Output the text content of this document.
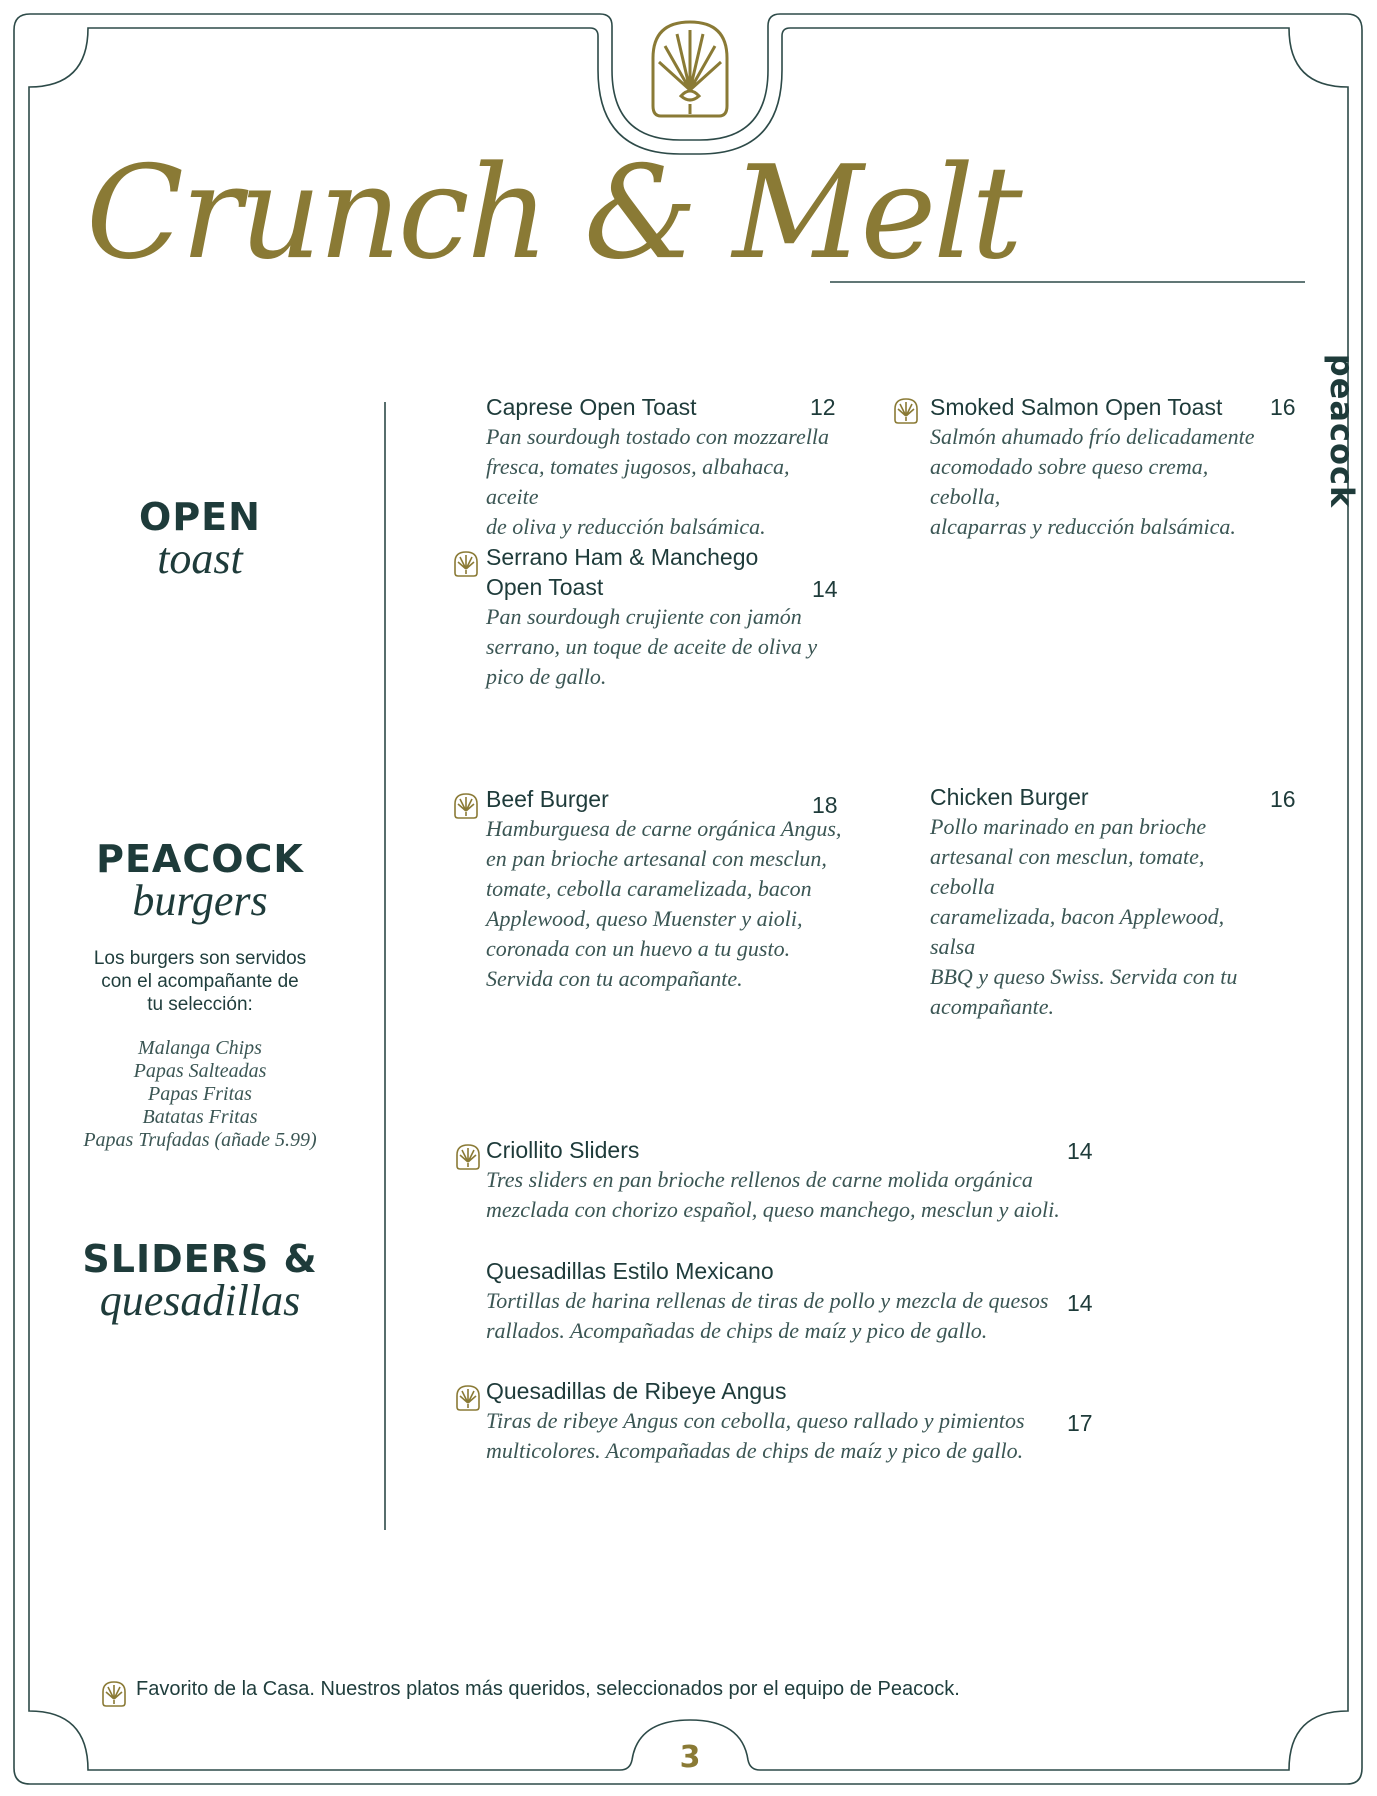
Crunch & Melt
peacock
OPEN
toast
PEACOCK
burgers
Los burgers son servidos
con el acompañante de
tu selección:
Malanga Chips
Papas Salteadas
Papas Fritas
Batatas Fritas
Papas Trufadas (añade 5.99)
SLIDERS &
quesadillas
Caprese Open Toast
Pan sourdough tostado con mozzarella
fresca, tomates jugosos, albahaca, aceite
de oliva y reducción balsámica.
12	Smoked Salmon Open Toast
Salmón ahumado frío delicadamente
acomodado sobre queso crema, cebolla,
alcaparras y reducción balsámica.
16
Serrano Ham & Manchego
Open Toast
Pan sourdough crujiente con jamón
serrano, un toque de aceite de oliva y
pico de gallo.
14
Beef Burger
Hamburguesa de carne orgánica Angus,
en pan brioche artesanal con mesclun,
tomate, cebolla caramelizada, bacon
Applewood, queso Muenster y aioli,
coronada con un huevo a tu gusto.
Servida con tu acompañante.
18	Chicken Burger
Pollo marinado en pan brioche
artesanal con mesclun, tomate, cebolla
caramelizada, bacon Applewood, salsa
BBQ y queso Swiss. Servida con tu
acompañante.
16
Criollito Sliders
Tres sliders en pan brioche rellenos de carne molida orgánica
mezclada con chorizo español, queso manchego, mesclun y aioli.
14
Quesadillas Estilo Mexicano
Tortillas de harina rellenas de tiras de pollo y mezcla de quesos
rallados. Acompañadas de chips de maíz y pico de gallo.
14
Quesadillas de Ribeye Angus
Tiras de ribeye Angus con cebolla, queso rallado y pimientos
multicolores. Acompañadas de chips de maíz y pico de gallo.
17
Favorito de la Casa. Nuestros platos más queridos, seleccionados por el equipo de Peacock.
3
